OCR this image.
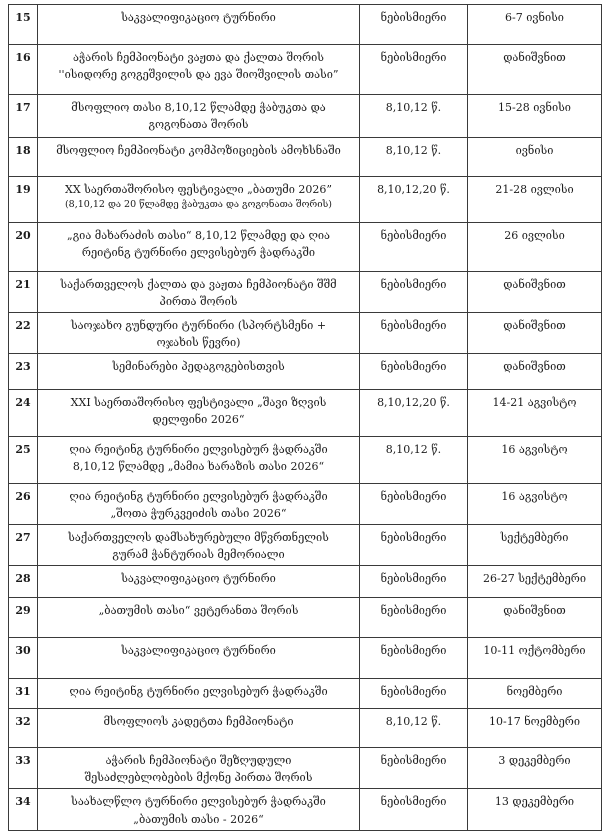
15	საკვალიფიკაციო ტურნირი	ნებისმიერი	6-7 ივნისი
16	აჭარის ჩემპიონატი ვაჟთა და ქალთა შორის
''ისიდორე გოგეშვილის და ევა შიოშვილის თასი”	ნებისმიერი	დანიშვნით
17	მსოფლიო თასი 8,10,12 წლამდე ჭაბუკთა და
გოგონათა შორის	8,10,12 წ.	15-28 ივნისი
18	მსოფლიო ჩემპიონატი კომპოზიციების ამოხსნაში	8,10,12 წ.	ივნისი
19	XX საერთაშორისო ფესტივალი „ბათუმი 2026”
(8,10,12 და 20 წლამდე ჭაბუკთა და გოგონათა შორის)	8,10,12,20 წ.	21-28 ივლისი
20	„გია მახარაძის თასი“ 8,10,12 წლამდე და ღია
რეიტინგ ტურნირი ელვისებურ ჭადრაკში	ნებისმიერი	26 ივლისი
21	საქართველოს ქალთა და ვაჟთა ჩემპიონატი შშმ
პირთა შორის	ნებისმიერი	დანიშვნით
22	საოჯახო გუნდური ტურნირი (სპორტსმენი +
ოჯახის წევრი)	ნებისმიერი	დანიშვნით
23	სემინარები პედაგოგებისთვის	ნებისმიერი	დანიშვნით
24	XXI საერთაშორისო ფესტივალი „შავი ზღვის
დელფინი 2026“	8,10,12,20 წ.	14-21 აგვისტო
25	ღია რეიტინგ ტურნირი ელვისებურ ჭადრაკში
8,10,12 წლამდე „მამია ხარაზის თასი 2026“	8,10,12 წ.	16 აგვისტო
26	ღია რეიტინგ ტურნირი ელვისებურ ჭადრაკში
„შოთა ჭურკვეიძის თასი 2026“	ნებისმიერი	16 აგვისტო
27	საქართველოს დამსახურებული მწვრთნელის
გურამ ჭანტურიას მემორიალი	ნებისმიერი	სექტემბერი
28	საკვალიფიკაციო ტურნირი	ნებისმიერი	26-27 სექტემბერი
29	„ბათუმის თასი“ ვეტერანთა შორის	ნებისმიერი	დანიშვნით
30	საკვალიფიკაციო ტურნირი	ნებისმიერი	10-11 ოქტომბერი
31	ღია რეიტინგ ტურნირი ელვისებურ ჭადრაკში	ნებისმიერი	ნოემბერი
32	მსოფლიოს კადეტთა ჩემპიონატი	8,10,12 წ.	10-17 ნოემბერი
33	აჭარის ჩემპიონატი შეზღუდული
შესაძლებლობების მქონე პირთა შორის	ნებისმიერი	3 დეკემბერი
34	საახალწლო ტურნირი ელვისებურ ჭადრაკში
„ბათუმის თასი - 2026“	ნებისმიერი	13 დეკემბერი
